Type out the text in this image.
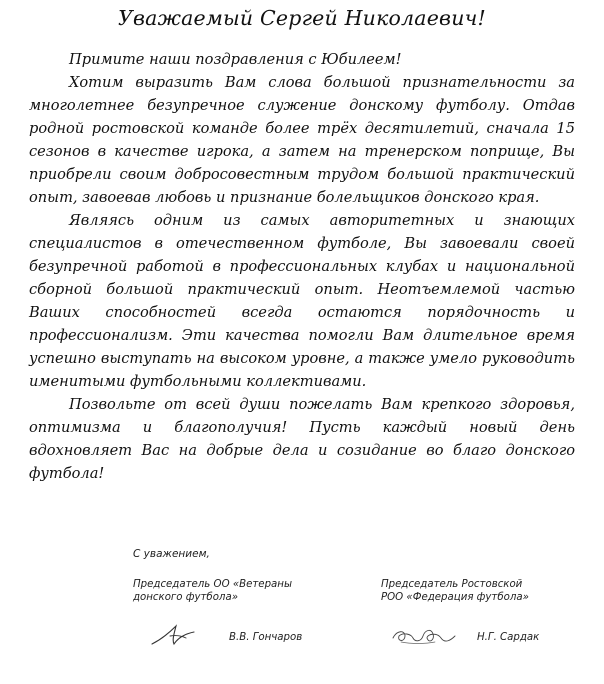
Уважаемый Сергей Николаевич!

Примите наши поздравления с Юбилеем!

Хотим выразить Вам слова большой признательности за многолетнее безупречное служение донскому футболу. Отдав родной ростовской команде более трёх десятилетий, сначала 15 сезонов в качестве игрока, а затем на тренерском поприще, Вы приобрели своим добросовестным трудом большой практический опыт, завоевав любовь и признание болельщиков донского края.

Являясь одним из самых авторитетных и знающих специалистов в отечественном футболе, Вы завоевали своей безупречной работой в профессиональных клубах и национальной сборной большой практический опыт. Неотъемлемой частью Ваших способностей всегда остаются порядочность и профессионализм. Эти качества помогли Вам длительное время успешно выступать на высоком уровне, а также умело руководить именитыми футбольными коллективами.

Позвольте от всей души пожелать Вам крепкого здоровья, оптимизма и благополучия! Пусть каждый новый день вдохновляет Вас на добрые дела и созидание во благо донского футбола!

С уважением,
Председатель ОО «Ветераны
донского футбола»
Председатель Ростовской
РОО «Федерация футбола»
В.В. Гончаров	Н.Г. Сардак
